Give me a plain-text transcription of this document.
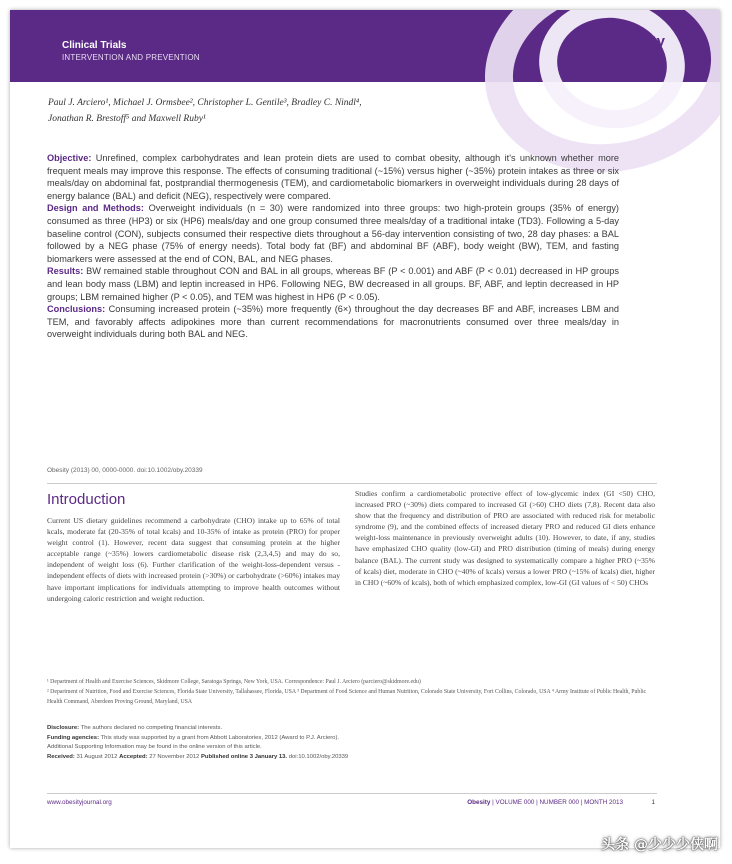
Clinical Trials
INTERVENTION AND PREVENTION
Obesity
Paul J. Arciero¹, Michael J. Ormsbee², Christopher L. Gentile³, Bradley C. Nindl⁴,
Jonathan R. Brestoff⁵ and Maxwell Ruby¹

Objective: Unrefined, complex carbohydrates and lean protein diets are used to combat obesity, although it's unknown whether more frequent meals may improve this response. The effects of consuming traditional (~15%) versus higher (~35%) protein intakes as three or six meals/day on abdominal fat, postprandial thermogenesis (TEM), and cardiometabolic biomarkers in overweight individuals during 28 days of energy balance (BAL) and deficit (NEG), respectively were compared.

Design and Methods: Overweight individuals (n = 30) were randomized into three groups: two high-protein groups (35% of energy) consumed as three (HP3) or six (HP6) meals/day and one group consumed three meals/day of a traditional intake (TD3). Following a 5-day baseline control (CON), subjects consumed their respective diets throughout a 56-day intervention consisting of two, 28 day phases: a BAL followed by a NEG phase (75% of energy needs). Total body fat (BF) and abdominal BF (ABF), body weight (BW), TEM, and fasting biomarkers were assessed at the end of CON, BAL, and NEG phases.

Results: BW remained stable throughout CON and BAL in all groups, whereas BF (P < 0.001) and ABF (P < 0.01) decreased in HP groups and lean body mass (LBM) and leptin increased in HP6. Following NEG, BW decreased in all groups. BF, ABF, and leptin decreased in HP groups; LBM remained higher (P < 0.05), and TEM was highest in HP6 (P < 0.05).

Conclusions: Consuming increased protein (~35%) more frequently (6×) throughout the day decreases BF and ABF, increases LBM and TEM, and favorably affects adipokines more than current recommendations for macronutrients consumed over three meals/day in overweight individuals during both BAL and NEG.

Obesity (2013) 00, 0000-0000. doi:10.1002/oby.20339
Introduction

Current US dietary guidelines recommend a carbohydrate (CHO) intake up to 65% of total kcals, moderate fat (20-35% of total kcals) and 10-35% of intake as protein (PRO) for proper weight control (1). However, recent data suggest that consuming protein at the higher acceptable range (~35%) lowers cardiometabolic disease risk (2,3,4,5) and may do so, independent of weight loss (6). Further clarification of the weight-loss-dependent versus -independent effects of diets with increased protein (>30%) or carbohydrate (>60%) intakes may have important implications for individuals attempting to improve health outcomes without undergoing caloric restriction and weight reduction.

Studies confirm a cardiometabolic protective effect of low-glycemic index (GI <50) CHO, increased PRO (~30%) diets compared to increased GI (>60) CHO diets (7,8). Recent data also show that the frequency and distribution of PRO are associated with reduced risk for metabolic syndrome (9), and the combined effects of increased dietary PRO and reduced GI diets enhance weight-loss maintenance in previously overweight adults (10). However, to date, if any, studies have emphasized CHO quality (low-GI) and PRO distribution (timing of meals) during energy balance (BAL). The current study was designed to systematically compare a higher PRO (~35% of kcals) diet, moderate in CHO (~40% of kcals) versus a lower PRO (~15% of kcals) diet, higher in CHO (~60% of kcals), both of which emphasized complex, low-GI (GI values of < 50) CHOs

¹ Department of Health and Exercise Sciences, Skidmore College, Saratoga Springs, New York, USA. Correspondence: Paul J. Arciero (parciero@skidmore.edu)

² Department of Nutrition, Food and Exercise Sciences, Florida State University, Tallahassee, Florida, USA ³ Department of Food Science and Human Nutrition, Colorado State University, Fort Collins, Colorado, USA ⁴ Army Institute of Public Health, Public Health Command, Aberdeen Proving Ground, Maryland, USA

Disclosure: The authors declared no competing financial interests.

Funding agencies: This study was supported by a grant from Abbott Laboratories, 2012 (Award to P.J. Arciero).

Additional Supporting Information may be found in the online version of this article.

Received: 31 August 2012 Accepted: 27 November 2012 Published online 3 January 13. doi:10.1002/oby.20339

www.obesityjournal.org	Obesity | VOLUME 000 | NUMBER 000 | MONTH 2013	1
头条 @少少少侠啊
